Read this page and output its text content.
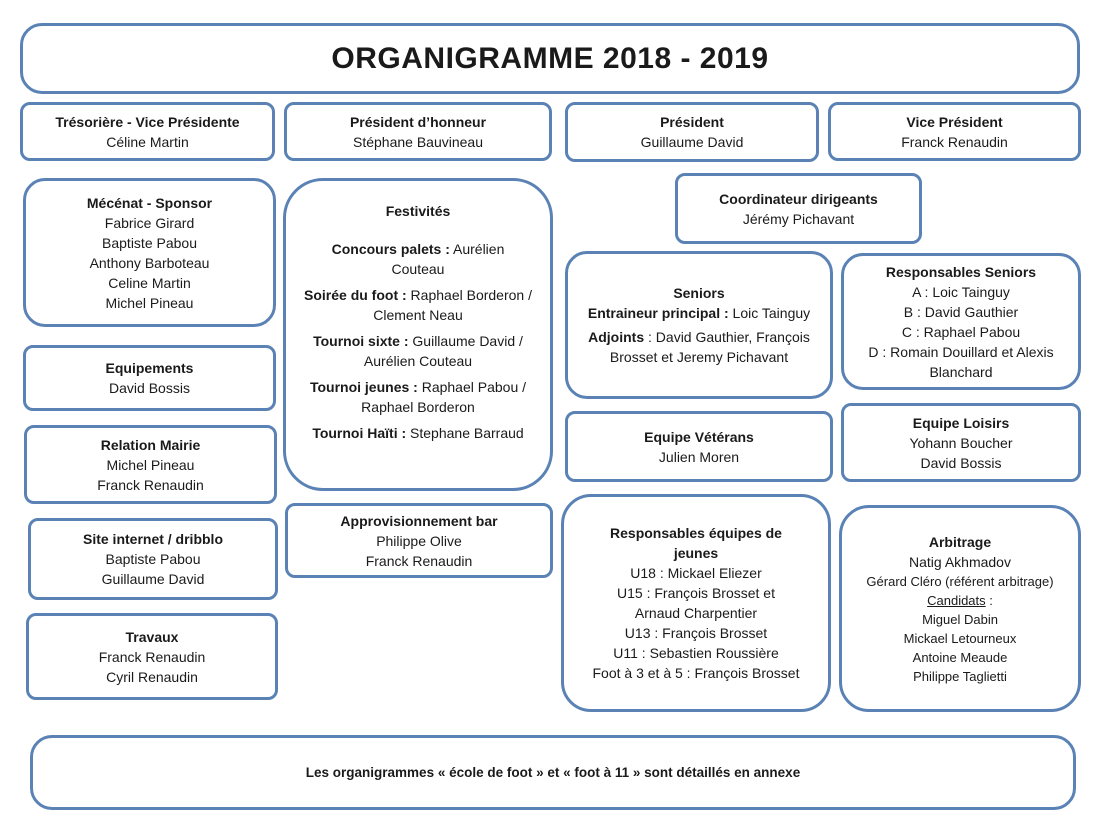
ORGANIGRAMME 2018 - 2019
Trésorière - Vice Présidente
Céline Martin
Président d’honneur
Stéphane Bauvineau
Président
Guillaume David
Vice Président
Franck Renaudin
Mécénat - Sponsor
Fabrice Girard
Baptiste Pabou
Anthony Barboteau
Celine Martin
Michel Pineau
Equipements
David Bossis
Relation Mairie
Michel Pineau
Franck Renaudin
Site internet / dribblo
Baptiste Pabou
Guillaume David
Travaux
Franck Renaudin
Cyril Renaudin

Festivités

Concours palets : Aurélien Couteau

Soirée du foot : Raphael Borderon / Clement Neau

Tournoi sixte : Guillaume David / Aurélien Couteau

Tournoi jeunes : Raphael Pabou / Raphael Borderon

Tournoi Haïti : Stephane Barraud

Approvisionnement bar
Philippe Olive
Franck Renaudin
Coordinateur dirigeants
Jérémy Pichavant
Seniors
Entraineur principal : Loic Tainguy
Adjoints : David Gauthier, François Brosset et Jeremy Pichavant
Equipe Vétérans
Julien Moren
Responsables équipes de jeunes
U18 : Mickael Eliezer
U15 : François Brosset et Arnaud Charpentier
U13 : François Brosset
U11 : Sebastien Roussière
Foot à 3 et à 5 : François Brosset
Responsables Seniors
A : Loic Tainguy
B : David Gauthier
C : Raphael Pabou
D : Romain Douillard et Alexis Blanchard
Equipe Loisirs
Yohann Boucher
David Bossis
Arbitrage
Natig Akhmadov
Gérard Cléro (référent arbitrage)
Candidats :
Miguel Dabin
Mickael Letourneux
Antoine Meaude
Philippe Taglietti
Les organigrammes « école de foot » et « foot à 11 » sont détaillés en annexe
